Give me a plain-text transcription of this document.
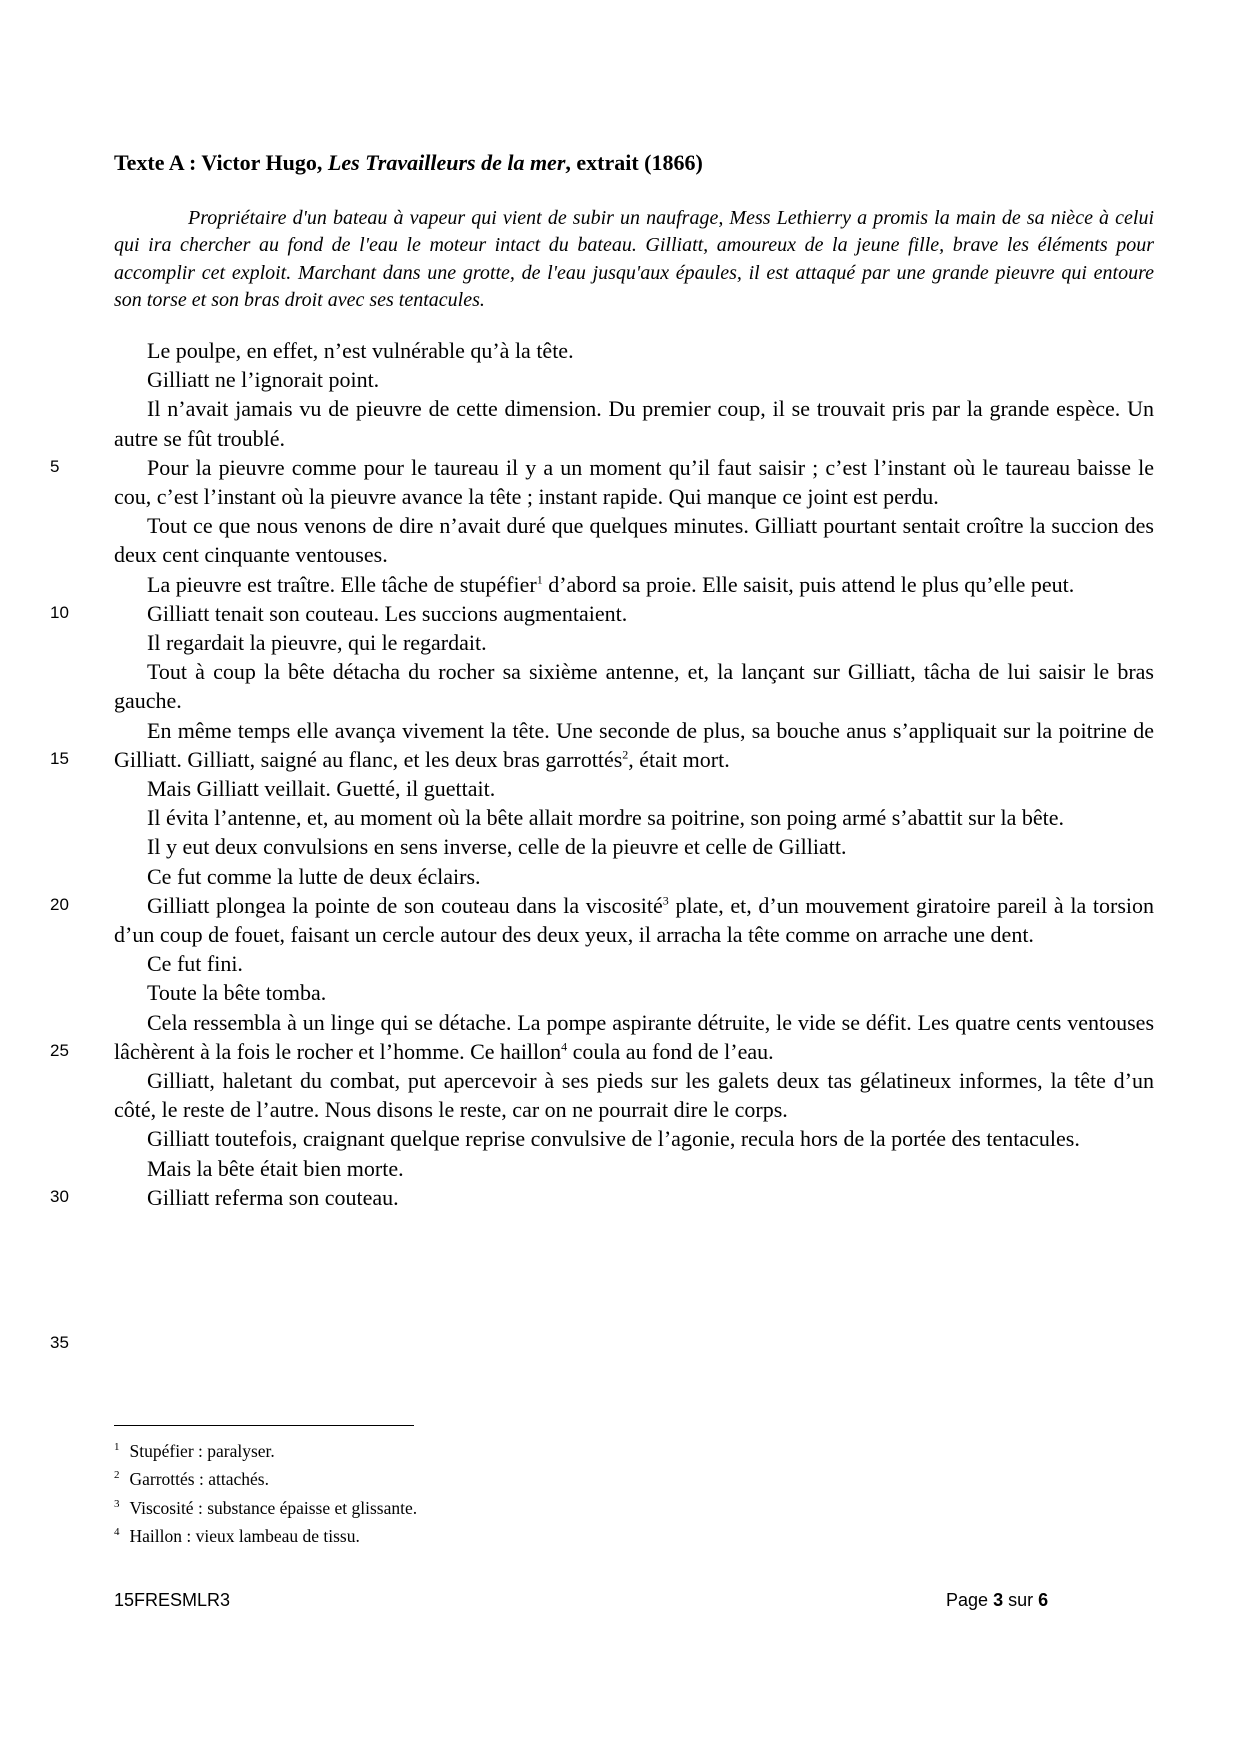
Texte A : Victor Hugo, Les Travailleurs de la mer, extrait (1866)

Propriétaire d'un bateau à vapeur qui vient de subir un naufrage, Mess Lethierry a promis la main de sa nièce à celui qui ira chercher au fond de l'eau le moteur intact du bateau. Gilliatt, amoureux de la jeune fille, brave les éléments pour accomplir cet exploit. Marchant dans une grotte, de l'eau jusqu'aux épaules, il est attaqué par une grande pieuvre qui entoure son torse et son bras droit avec ses tentacules.

Le poulpe, en effet, n’est vulnérable qu’à la tête.

Gilliatt ne l’ignorait point.

Il n’avait jamais vu de pieuvre de cette dimension. Du premier coup, il se trouvait pris par la grande espèce. Un autre se fût troublé.

Pour la pieuvre comme pour le taureau il y a un moment qu’il faut saisir ; c’est l’instant où le taureau baisse le cou, c’est l’instant où la pieuvre avance la tête ; instant rapide. Qui manque ce joint est perdu.

Tout ce que nous venons de dire n’avait duré que quelques minutes. Gilliatt pourtant sentait croître la succion des deux cent cinquante ventouses.

La pieuvre est traître. Elle tâche de stupéfier$^1$ d’abord sa proie. Elle saisit, puis attend le plus qu’elle peut.

Gilliatt tenait son couteau. Les succions augmentaient.

Il regardait la pieuvre, qui le regardait.

Tout à coup la bête détacha du rocher sa sixième antenne, et, la lançant sur Gilliatt, tâcha de lui saisir le bras gauche.

En même temps elle avança vivement la tête. Une seconde de plus, sa bouche anus s’appliquait sur la poitrine de Gilliatt. Gilliatt, saigné au flanc, et les deux bras garrottés$^2$, était mort.

Mais Gilliatt veillait. Guetté, il guettait.

Il évita l’antenne, et, au moment où la bête allait mordre sa poitrine, son poing armé s’abattit sur la bête.

Il y eut deux convulsions en sens inverse, celle de la pieuvre et celle de Gilliatt.

Ce fut comme la lutte de deux éclairs.

Gilliatt plongea la pointe de son couteau dans la viscosité$^3$ plate, et, d’un mouvement giratoire pareil à la torsion d’un coup de fouet, faisant un cercle autour des deux yeux, il arracha la tête comme on arrache une dent.

Ce fut fini.

Toute la bête tomba.

Cela ressembla à un linge qui se détache. La pompe aspirante détruite, le vide se défit. Les quatre cents ventouses lâchèrent à la fois le rocher et l’homme. Ce haillon$^4$ coula au fond de l’eau.

Gilliatt, haletant du combat, put apercevoir à ses pieds sur les galets deux tas gélatineux informes, la tête d’un côté, le reste de l’autre. Nous disons le reste, car on ne pourrait dire le corps.

Gilliatt toutefois, craignant quelque reprise convulsive de l’agonie, recula hors de la portée des tentacules.

Mais la bête était bien morte.

Gilliatt referma son couteau.

5
10
15
20
25
30
35
$^1$ Stupéfier : paralyser.
$^2$ Garrottés : attachés.
$^3$ Viscosité : substance épaisse et glissante.
$^4$ Haillon : vieux lambeau de tissu.
15FRESMLR3	Page 3 sur 6
